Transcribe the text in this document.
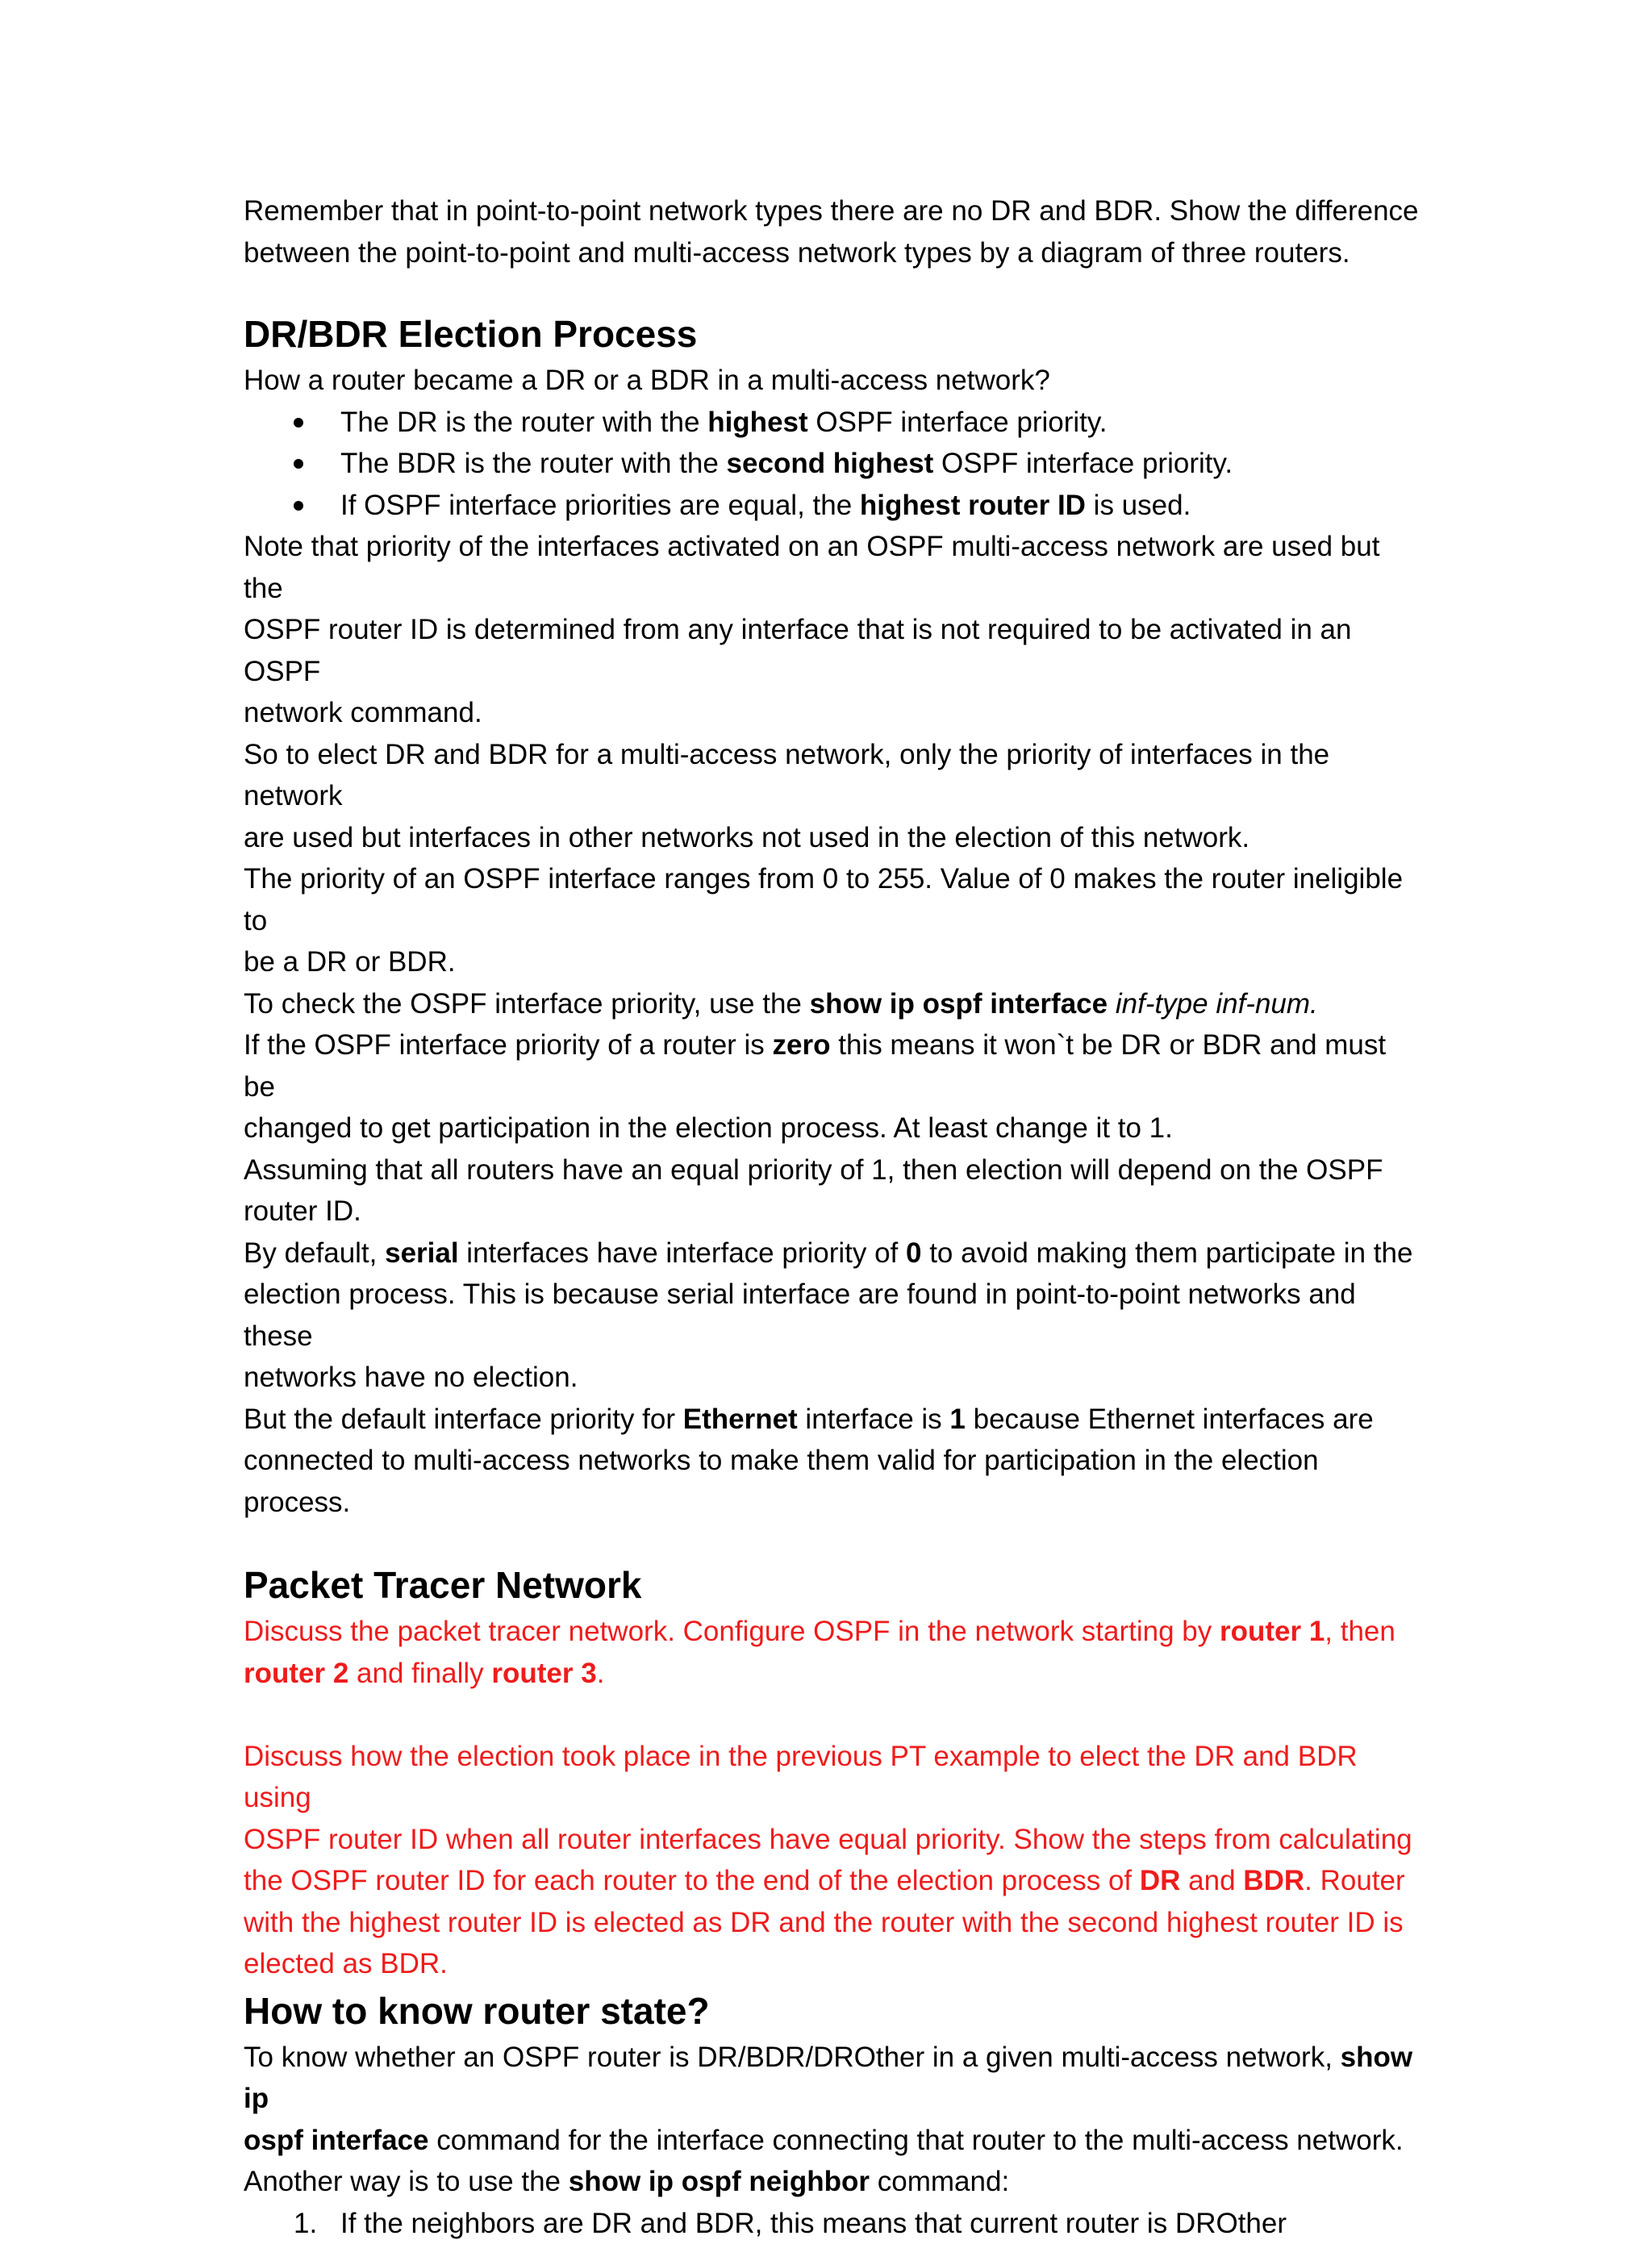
Remember that in point-to-point network types there are no DR and BDR. Show the difference
between the point-to-point and multi-access network types by a diagram of three routers.

DR/BDR Election Process

How a router became a DR or a BDR in a multi-access network?

The DR is the router with the highest OSPF interface priority.
The BDR is the router with the second highest OSPF interface priority.
If OSPF interface priorities are equal, the highest router ID is used.

Note that priority of the interfaces activated on an OSPF multi-access network are used but the
OSPF router ID is determined from any interface that is not required to be activated in an OSPF
network command.

So to elect DR and BDR for a multi-access network, only the priority of interfaces in the network
are used but interfaces in other networks not used in the election of this network.

The priority of an OSPF interface ranges from 0 to 255. Value of 0 makes the router ineligible to
be a DR or BDR.

To check the OSPF interface priority, use the show ip ospf interface inf-type inf-num.

If the OSPF interface priority of a router is zero this means it won`t be DR or BDR and must be
changed to get participation in the election process. At least change it to 1.

Assuming that all routers have an equal priority of 1, then election will depend on the OSPF
router ID.

By default, serial interfaces have interface priority of 0 to avoid making them participate in the
election process. This is because serial interface are found in point-to-point networks and these
networks have no election.

But the default interface priority for Ethernet interface is 1 because Ethernet interfaces are
connected to multi-access networks to make them valid for participation in the election process.

Packet Tracer Network

Discuss the packet tracer network. Configure OSPF in the network starting by router 1, then
router 2 and finally router 3.

Discuss how the election took place in the previous PT example to elect the DR and BDR using
OSPF router ID when all router interfaces have equal priority. Show the steps from calculating
the OSPF router ID for each router to the end of the election process of DR and BDR. Router
with the highest router ID is elected as DR and the router with the second highest router ID is
elected as BDR.

How to know router state?

To know whether an OSPF router is DR/BDR/DROther in a given multi-access network, show ip
ospf interface command for the interface connecting that router to the multi-access network.

Another way is to use the show ip ospf neighbor command:

1. If the neighbors are DR and BDR, this means that current router is DROther
